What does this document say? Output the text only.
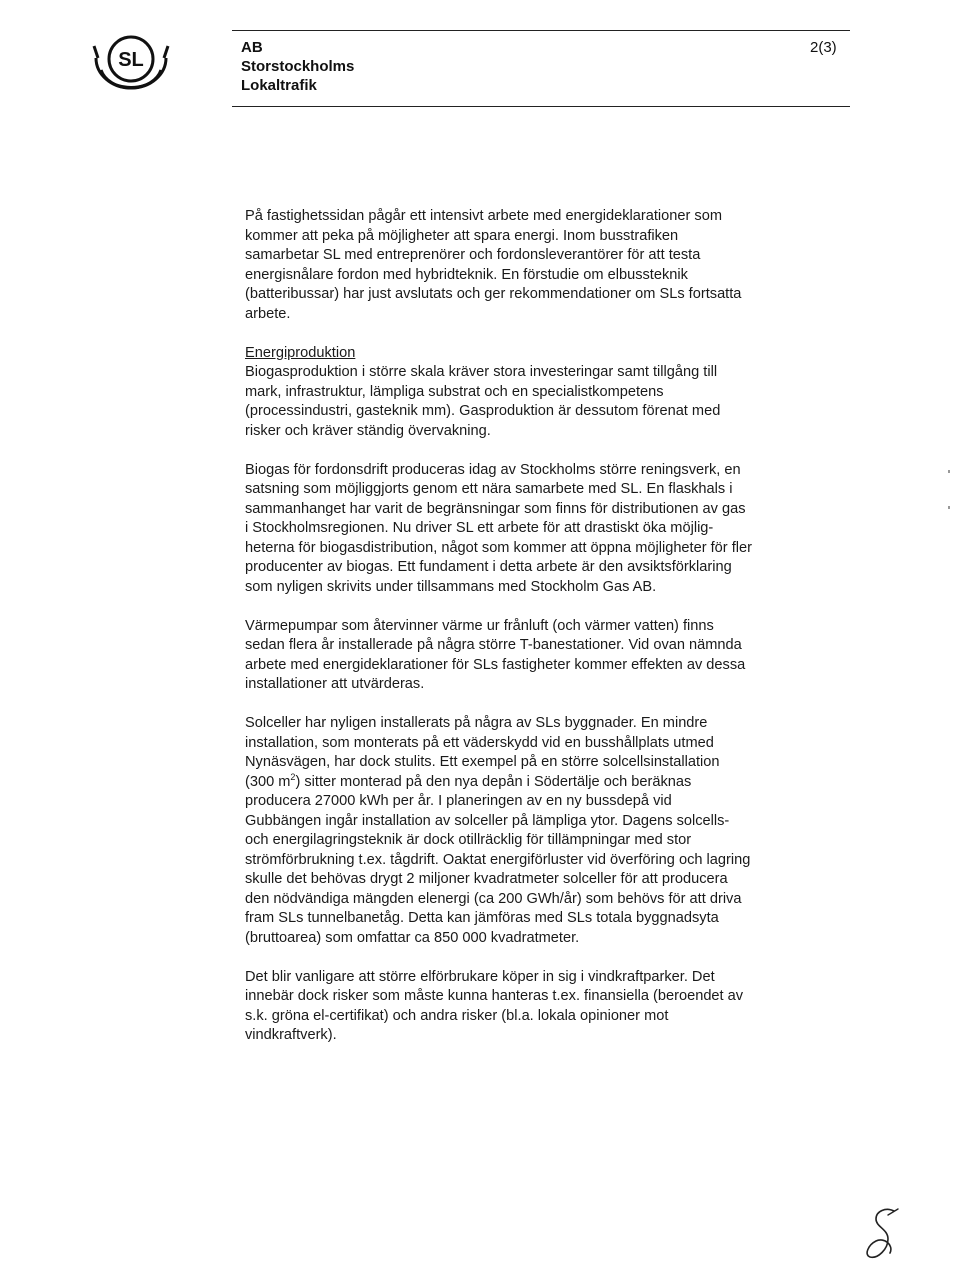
SL
AB
Storstockholms
Lokaltrafik
2(3)
På fastighetssidan pågår ett intensivt arbete med energideklarationer som
kommer att peka på möjligheter att spara energi. Inom busstrafiken
samarbetar SL med entreprenörer och fordonsleverantörer för att testa
energisnålare fordon med hybridteknik. En förstudie om elbussteknik
(batteribussar) har just avslutats och ger rekommendationer om SLs fortsatta
arbete.
Energiproduktion
Biogasproduktion i större skala kräver stora investeringar samt tillgång till
mark, infrastruktur, lämpliga substrat och en specialistkompetens
(processindustri, gasteknik mm). Gasproduktion är dessutom förenat med
risker och kräver ständig övervakning.
Biogas för fordonsdrift produceras idag av Stockholms större reningsverk, en
satsning som möjliggjorts genom ett nära samarbete med SL. En flaskhals i
sammanhanget har varit de begränsningar som finns för distributionen av gas
i Stockholmsregionen. Nu driver SL ett arbete för att drastiskt öka möjlig-
heterna för biogasdistribution, något som kommer att öppna möjligheter för fler
producenter av biogas. Ett fundament i detta arbete är den avsiktsförklaring
som nyligen skrivits under tillsammans med Stockholm Gas AB.
Värmepumpar som återvinner värme ur frånluft (och värmer vatten) finns
sedan flera år installerade på några större T-banestationer. Vid ovan nämnda
arbete med energideklarationer för SLs fastigheter kommer effekten av dessa
installationer att utvärderas.
Solceller har nyligen installerats på några av SLs byggnader. En mindre
installation, som monterats på ett väderskydd vid en busshållplats utmed
Nynäsvägen, har dock stulits. Ett exempel på en större solcellsinstallation
(300 $m^2$) sitter monterad på den nya depån i Södertälje och beräknas
producera 27000 kWh per år. I planeringen av en ny bussdepå vid
Gubbängen ingår installation av solceller på lämpliga ytor. Dagens solcells-
och energilagringsteknik är dock otillräcklig för tillämpningar med stor
strömförbrukning t.ex. tågdrift. Oaktat energiförluster vid överföring och lagring
skulle det behövas drygt 2 miljoner kvadratmeter solceller för att producera
den nödvändiga mängden elenergi (ca 200 GWh/år) som behövs för att driva
fram SLs tunnelbanetåg. Detta kan jämföras med SLs totala byggnadsyta
(bruttoarea) som omfattar ca 850 000 kvadratmeter.
Det blir vanligare att större elförbrukare köper in sig i vindkraftparker. Det
innebär dock risker som måste kunna hanteras t.ex. finansiella (beroendet av
s.k. gröna el-certifikat) och andra risker (bl.a. lokala opinioner mot
vindkraftverk).
